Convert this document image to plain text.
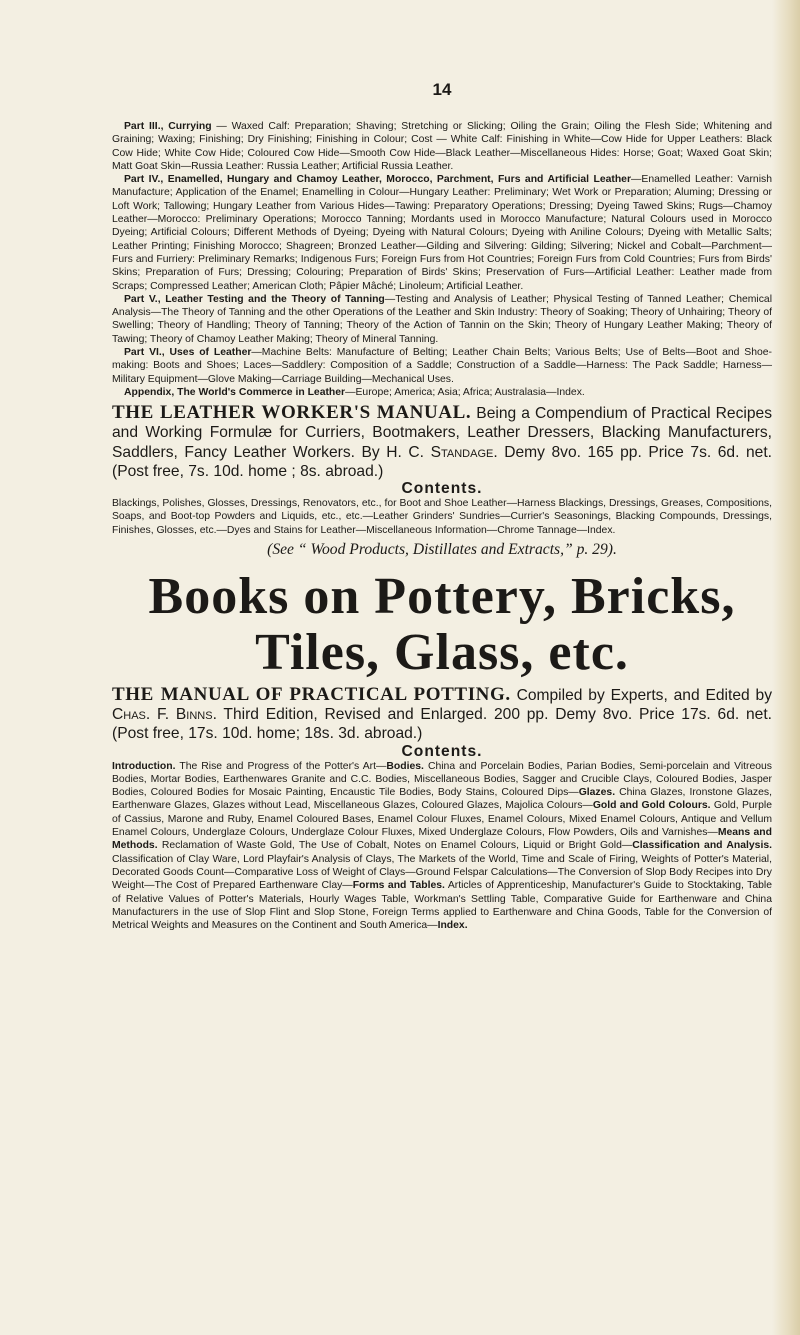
14

Part III., Currying — Waxed Calf: Preparation; Shaving; Stretching or Slicking; Oiling the Grain; Oiling the Flesh Side; Whitening and Graining; Waxing; Finishing; Dry Finishing; Finishing in Colour; Cost — White Calf: Finishing in White—Cow Hide for Upper Leathers: Black Cow Hide; White Cow Hide; Coloured Cow Hide—Smooth Cow Hide—Black Leather—Miscellaneous Hides: Horse; Goat; Waxed Goat Skin; Matt Goat Skin—Russia Leather: Russia Leather; Artificial Russia Leather.

Part IV., Enamelled, Hungary and Chamoy Leather, Morocco, Parchment, Furs and Artificial Leather—Enamelled Leather: Varnish Manufacture; Application of the Enamel; Enamelling in Colour—Hungary Leather: Preliminary; Wet Work or Preparation; Aluming; Dressing or Loft Work; Tallowing; Hungary Leather from Various Hides—Tawing: Preparatory Operations; Dressing; Dyeing Tawed Skins; Rugs—Chamoy Leather—Morocco: Preliminary Operations; Morocco Tanning; Mordants used in Morocco Manufacture; Natural Colours used in Morocco Dyeing; Artificial Colours; Different Methods of Dyeing; Dyeing with Natural Colours; Dyeing with Aniline Colours; Dyeing with Metallic Salts; Leather Printing; Finishing Morocco; Shagreen; Bronzed Leather—Gilding and Silvering: Gilding; Silvering; Nickel and Cobalt—Parchment—Furs and Furriery: Preliminary Remarks; Indigenous Furs; Foreign Furs from Hot Countries; Foreign Furs from Cold Countries; Furs from Birds' Skins; Preparation of Furs; Dressing; Colouring; Preparation of Birds' Skins; Preservation of Furs—Artificial Leather: Leather made from Scraps; Compressed Leather; American Cloth; Pâpier Mâché; Linoleum; Artificial Leather.

Part V., Leather Testing and the Theory of Tanning—Testing and Analysis of Leather; Physical Testing of Tanned Leather; Chemical Analysis—The Theory of Tanning and the other Operations of the Leather and Skin Industry: Theory of Soaking; Theory of Unhairing; Theory of Swelling; Theory of Handling; Theory of Tanning; Theory of the Action of Tannin on the Skin; Theory of Hungary Leather Making; Theory of Tawing; Theory of Chamoy Leather Making; Theory of Mineral Tanning.

Part VI., Uses of Leather—Machine Belts: Manufacture of Belting; Leather Chain Belts; Various Belts; Use of Belts—Boot and Shoe-making: Boots and Shoes; Laces—Saddlery: Composition of a Saddle; Construction of a Saddle—Harness: The Pack Saddle; Harness—Military Equipment—Glove Making—Carriage Building—Mechanical Uses.

Appendix, The World's Commerce in Leather—Europe; America; Asia; Africa; Australasia—Index.

THE LEATHER WORKER'S MANUAL. Being a Compendium of Practical Recipes and Working Formulæ for Curriers, Bootmakers, Leather Dressers, Blacking Manufacturers, Saddlers, Fancy Leather Workers. By H. C. Standage. Demy 8vo. 165 pp. Price 7s. 6d. net. (Post free, 7s. 10d. home ; 8s. abroad.)

Contents.

Blackings, Polishes, Glosses, Dressings, Renovators, etc., for Boot and Shoe Leather—Harness Blackings, Dressings, Greases, Compositions, Soaps, and Boot-top Powders and Liquids, etc., etc.—Leather Grinders' Sundries—Currier's Seasonings, Blacking Compounds, Dressings, Finishes, Glosses, etc.—Dyes and Stains for Leather—Miscellaneous Information—Chrome Tannage—Index.

(See “ Wood Products, Distillates and Extracts,” p. 29).

Books on Pottery, Bricks,
Tiles, Glass, etc.

THE MANUAL OF PRACTICAL POTTING. Compiled by Experts, and Edited by Chas. F. Binns. Third Edition, Revised and Enlarged. 200 pp. Demy 8vo. Price 17s. 6d. net. (Post free, 17s. 10d. home; 18s. 3d. abroad.)

Contents.

Introduction. The Rise and Progress of the Potter's Art—Bodies. China and Porcelain Bodies, Parian Bodies, Semi-porcelain and Vitreous Bodies, Mortar Bodies, Earthenwares Granite and C.C. Bodies, Miscellaneous Bodies, Sagger and Crucible Clays, Coloured Bodies, Jasper Bodies, Coloured Bodies for Mosaic Painting, Encaustic Tile Bodies, Body Stains, Coloured Dips—Glazes. China Glazes, Ironstone Glazes, Earthenware Glazes, Glazes without Lead, Miscellaneous Glazes, Coloured Glazes, Majolica Colours—Gold and Gold Colours. Gold, Purple of Cassius, Marone and Ruby, Enamel Coloured Bases, Enamel Colour Fluxes, Enamel Colours, Mixed Enamel Colours, Antique and Vellum Enamel Colours, Underglaze Colours, Underglaze Colour Fluxes, Mixed Underglaze Colours, Flow Powders, Oils and Varnishes—Means and Methods. Reclamation of Waste Gold, The Use of Cobalt, Notes on Enamel Colours, Liquid or Bright Gold—Classification and Analysis. Classification of Clay Ware, Lord Playfair's Analysis of Clays, The Markets of the World, Time and Scale of Firing, Weights of Potter's Material, Decorated Goods Count—Comparative Loss of Weight of Clays—Ground Felspar Calculations—The Conversion of Slop Body Recipes into Dry Weight—The Cost of Prepared Earthenware Clay—Forms and Tables. Articles of Apprenticeship, Manufacturer's Guide to Stocktaking, Table of Relative Values of Potter's Materials, Hourly Wages Table, Workman's Settling Table, Comparative Guide for Earthenware and China Manufacturers in the use of Slop Flint and Slop Stone, Foreign Terms applied to Earthenware and China Goods, Table for the Conversion of Metrical Weights and Measures on the Continent and South America—Index.
